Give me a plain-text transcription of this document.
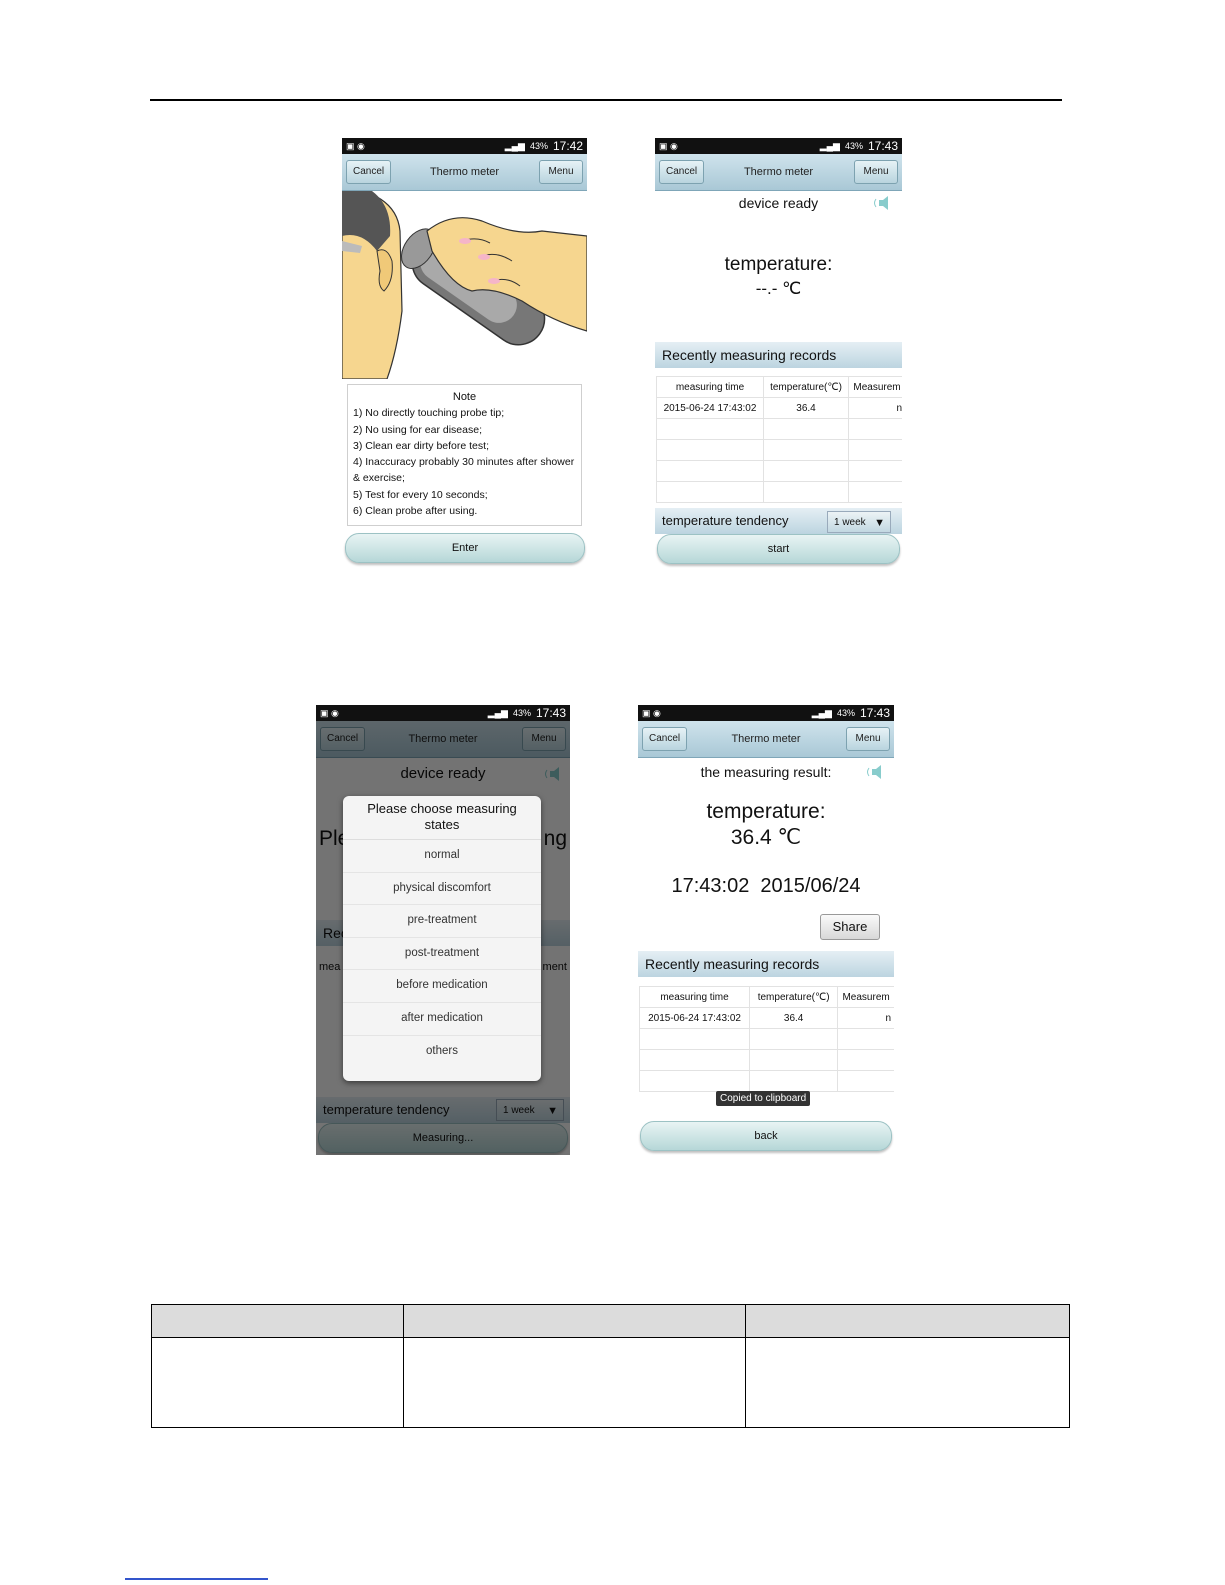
▣ ◉	▂▄▆ 43% 17:42
Cancel	Thermo meter	Menu
Note
1) No directly touching probe tip;
2) No using for ear disease;
3) Clean ear dirty before test;
4) Inaccuracy probably 30 minutes after shower & exercise;
5) Test for every 10 seconds;
6) Clean probe after using.
Enter
▣ ◉	▂▄▆ 43% 17:43
Cancel	Thermo meter	Menu
device ready
temperature:
--.- ℃
Recently measuring records
measuring time	temperature(℃)	Measurem
2015-06-24 17:43:02	36.4	n

temperature tendency	1 week ▼
start
▣ ◉	▂▄▆ 43% 17:43
Please choose measuring states
normal
physical discomfort
pre-treatment
post-treatment
before medication
after medication
others
▣ ◉	▂▄▆ 43% 17:43
Cancel	Thermo meter	Menu
the measuring result:
temperature:
36.4 ℃
17:43:02  2015/06/24
Share
Recently measuring records
measuring time	temperature(℃)	Measurem
2015-06-24 17:43:02	36.4	n

Copied to clipboard
back
